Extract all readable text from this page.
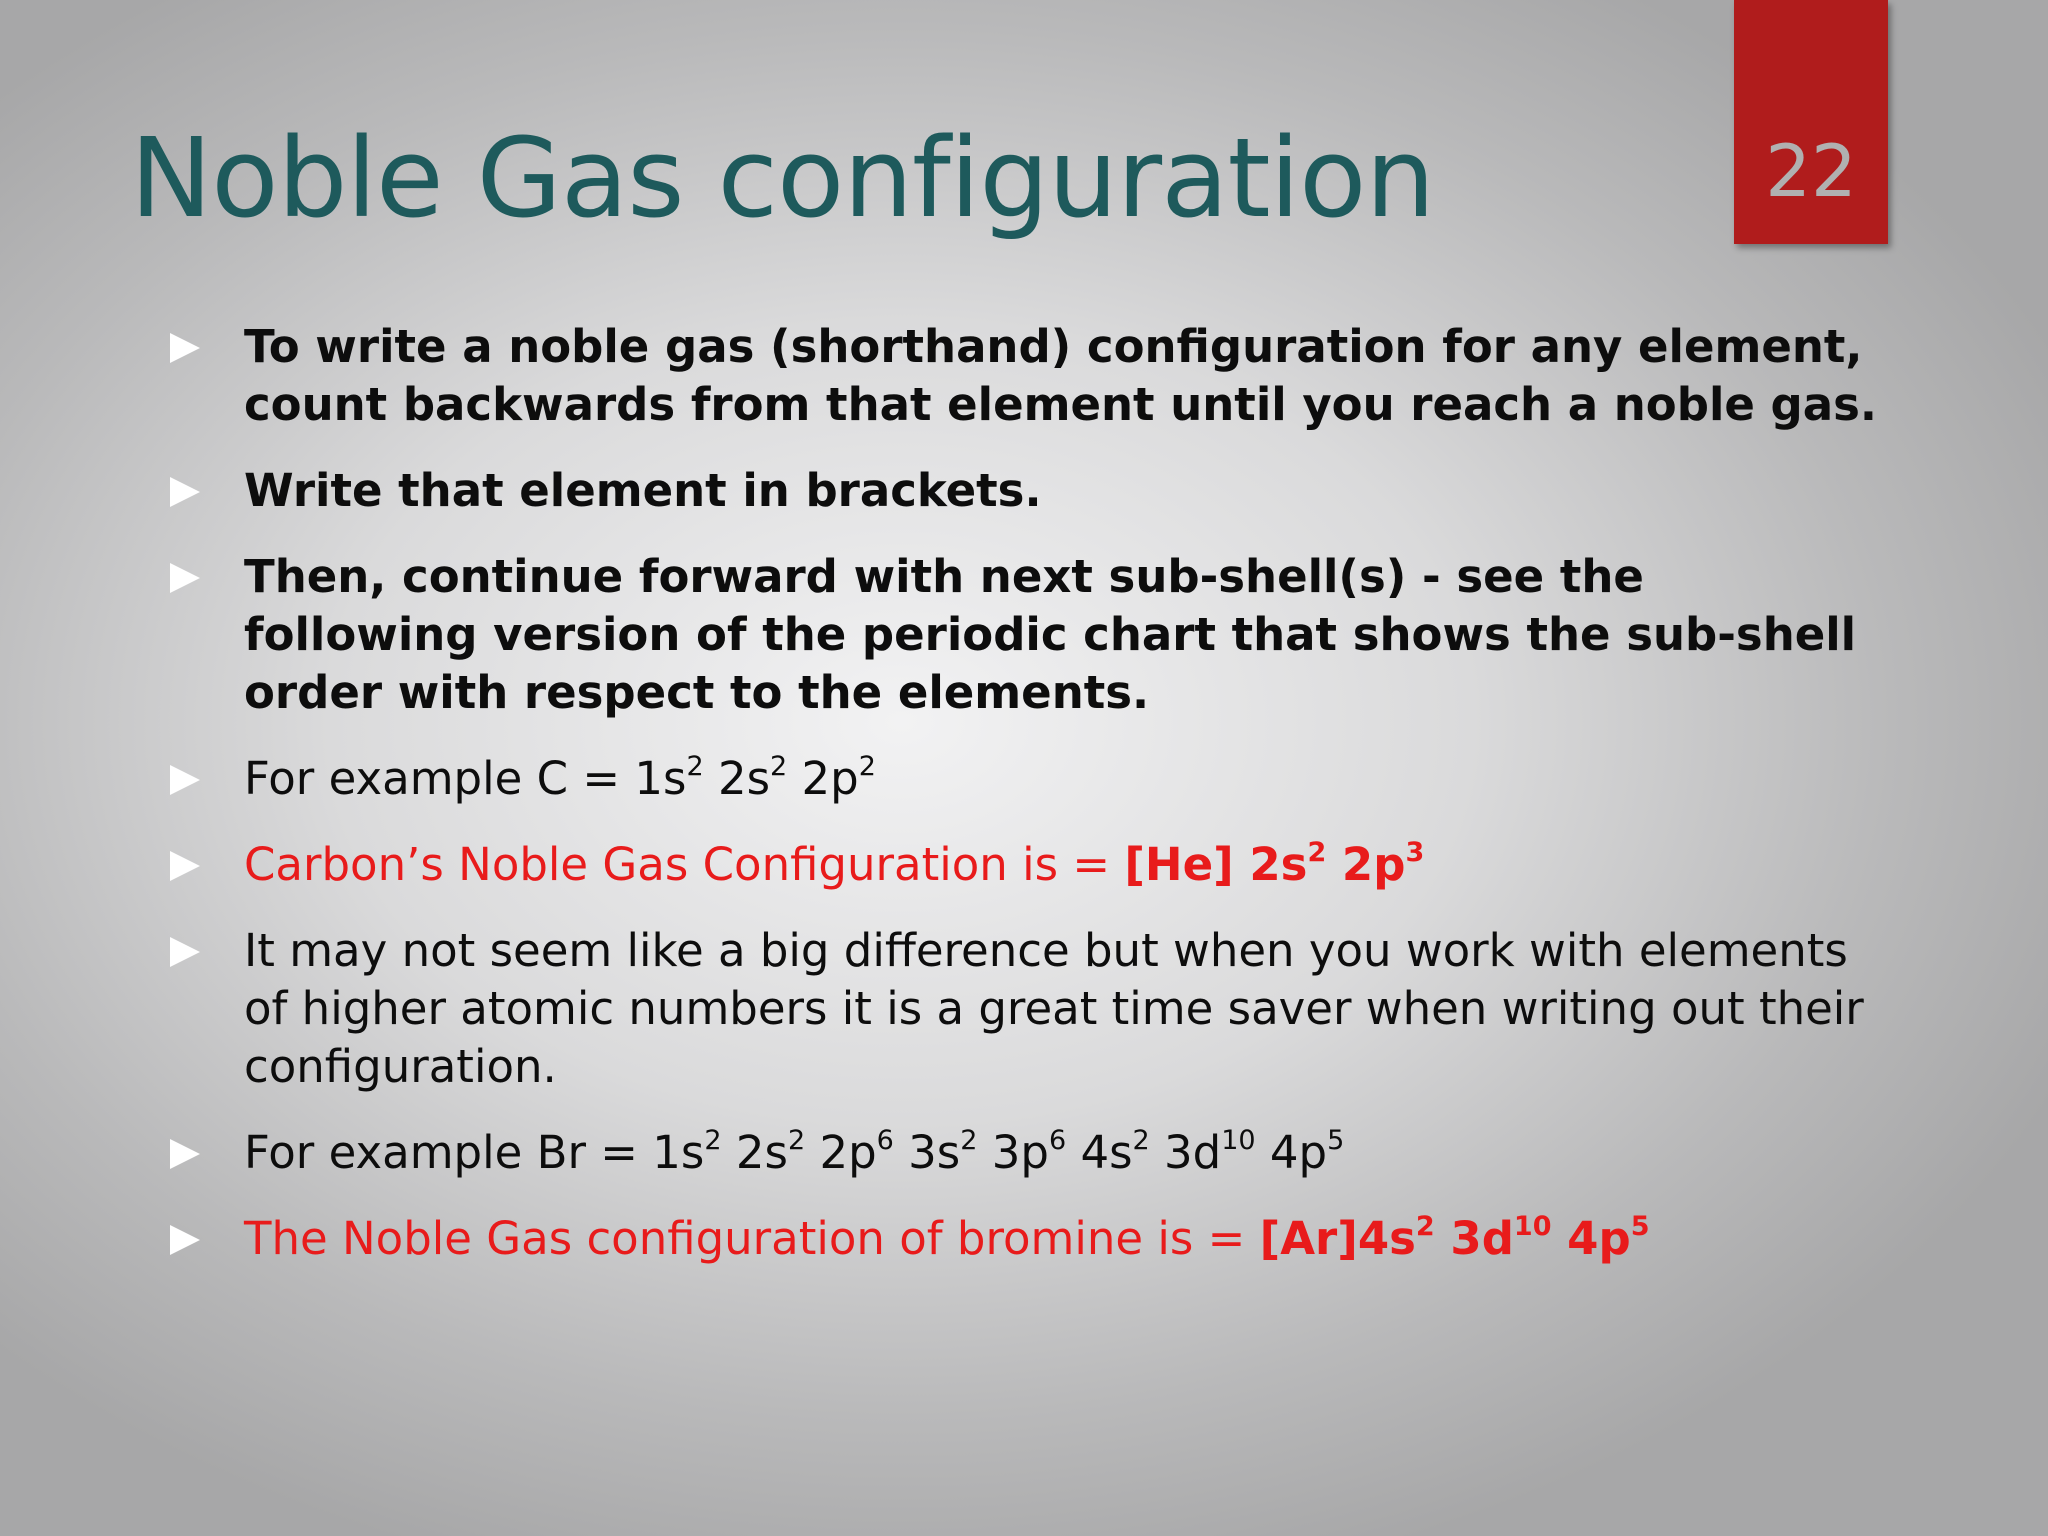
Noble Gas configuration	22
To write a noble gas (shorthand) configuration for any element, count backwards from that element until you reach a noble gas.
Write that element in brackets.
Then, continue forward with next sub-shell(s) - see the following version of the periodic chart that shows the sub-shell order with respect to the elements.
For example $C = 1s^2$ $2s^2$ $2p^2$
Carbon’s Noble Gas Configuration is = [He] $2s^2$ $2p^3$
It may not seem like a big difference but when you work with elements of higher atomic numbers it is a great time saver when writing out their configuration.
For example $Br = 1s^2$ $2s^2$ $2p^6$ $3s^2$ $3p^6$ $4s^2$ $3d^{10}$ $4p^5$
The Noble Gas configuration of bromine is = $[Ar]4s^2$ $3d^{10}$ $4p^5$
